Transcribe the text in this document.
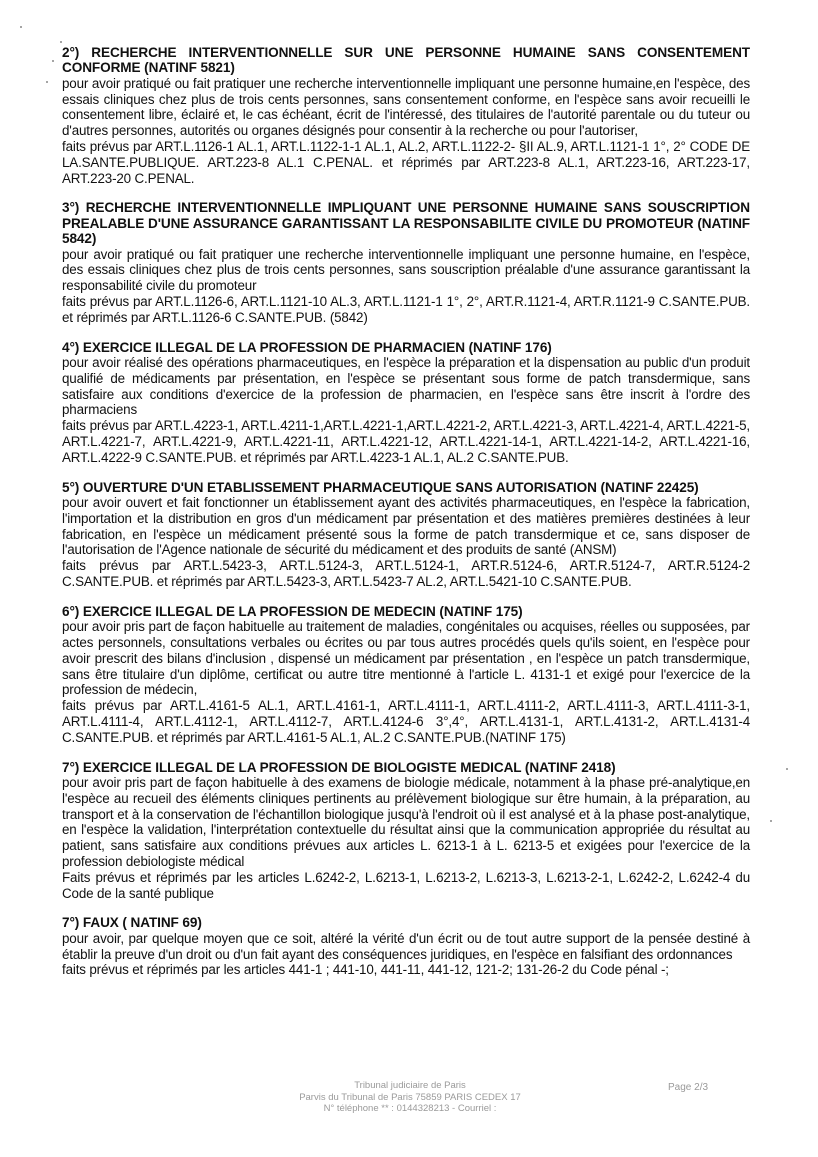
2°) RECHERCHE INTERVENTIONNELLE SUR UNE PERSONNE HUMAINE SANS CONSENTEMENT CONFORME (NATINF 5821)
pour avoir pratiqué ou fait pratiquer une recherche interventionnelle impliquant une personne humaine,en l'espèce, des essais cliniques chez plus de trois cents personnes, sans consentement conforme, en l'espèce sans avoir recueilli le consentement libre, éclairé et, le cas échéant, écrit de l'intéressé, des titulaires de l'autorité parentale ou du tuteur ou d'autres personnes, autorités ou organes désignés pour consentir à la recherche ou pour l'autoriser,
faits prévus par ART.L.1126-1 AL.1, ART.L.1122-1-1 AL.1, AL.2, ART.L.1122-2- §II AL.9, ART.L.1121-1 1°, 2° CODE DE LA.SANTE.PUBLIQUE. ART.223-8 AL.1 C.PENAL. et réprimés par ART.223-8 AL.1, ART.223-16, ART.223-17, ART.223-20 C.PENAL.
3°) RECHERCHE INTERVENTIONNELLE IMPLIQUANT UNE PERSONNE HUMAINE SANS SOUSCRIPTION PREALABLE D'UNE ASSURANCE GARANTISSANT LA RESPONSABILITE CIVILE DU PROMOTEUR (NATINF 5842)
pour avoir pratiqué ou fait pratiquer une recherche interventionnelle impliquant une personne humaine, en l'espèce, des essais cliniques chez plus de trois cents personnes, sans souscription préalable d'une assurance garantissant la responsabilité civile du promoteur
faits prévus par ART.L.1126-6, ART.L.1121-10 AL.3, ART.L.1121-1 1°, 2°, ART.R.1121-4, ART.R.1121-9 C.SANTE.PUB. et réprimés par ART.L.1126-6 C.SANTE.PUB. (5842)
4°) EXERCICE ILLEGAL DE LA PROFESSION DE PHARMACIEN (NATINF 176)
pour avoir réalisé des opérations pharmaceutiques, en l'espèce la préparation et la dispensation au public d'un produit qualifié de médicaments par présentation, en l'espèce se présentant sous forme de patch transdermique, sans satisfaire aux conditions d'exercice de la profession de pharmacien, en l'espèce sans être inscrit à l'ordre des pharmaciens
faits prévus par ART.L.4223-1, ART.L.4211-1,ART.L.4221-1,ART.L.4221-2, ART.L.4221-3, ART.L.4221-4, ART.L.4221-5, ART.L.4221-7, ART.L.4221-9, ART.L.4221-11, ART.L.4221-12, ART.L.4221-14-1, ART.L.4221-14-2, ART.L.4221-16, ART.L.4222-9 C.SANTE.PUB. et réprimés par ART.L.4223-1 AL.1, AL.2 C.SANTE.PUB.
5°) OUVERTURE D'UN ETABLISSEMENT PHARMACEUTIQUE SANS AUTORISATION (NATINF 22425)
pour avoir ouvert et fait fonctionner un établissement ayant des activités pharmaceutiques, en l'espèce la fabrication, l'importation et la distribution en gros d'un médicament par présentation et des matières premières destinées à leur fabrication, en l'espèce un médicament présenté sous la forme de patch transdermique et ce, sans disposer de l'autorisation de l'Agence nationale de sécurité du médicament et des produits de santé (ANSM)
faits prévus par ART.L.5423-3, ART.L.5124-3, ART.L.5124-1, ART.R.5124-6, ART.R.5124-7, ART.R.5124-2 C.SANTE.PUB. et réprimés par ART.L.5423-3, ART.L.5423-7 AL.2, ART.L.5421-10 C.SANTE.PUB.
6°) EXERCICE ILLEGAL DE LA PROFESSION DE MEDECIN (NATINF 175)
pour avoir pris part de façon habituelle au traitement de maladies, congénitales ou acquises, réelles ou supposées, par actes personnels, consultations verbales ou écrites ou par tous autres procédés quels qu'ils soient, en l'espèce pour avoir prescrit des bilans d'inclusion , dispensé un médicament par présentation , en l'espèce un patch transdermique, sans être titulaire d'un diplôme, certificat ou autre titre mentionné à l'article L. 4131-1 et exigé pour l'exercice de la profession de médecin,
faits prévus par ART.L.4161-5 AL.1, ART.L.4161-1, ART.L.4111-1, ART.L.4111-2, ART.L.4111-3, ART.L.4111-3-1, ART.L.4111-4, ART.L.4112-1, ART.L.4112-7, ART.L.4124-6 3°,4°, ART.L.4131-1, ART.L.4131-2, ART.L.4131-4 C.SANTE.PUB. et réprimés par ART.L.4161-5 AL.1, AL.2 C.SANTE.PUB.(NATINF 175)
7°) EXERCICE ILLEGAL DE LA PROFESSION DE BIOLOGISTE MEDICAL (NATINF 2418)
pour avoir pris part de façon habituelle à des examens de biologie médicale, notamment à la phase pré-analytique,en l'espèce au recueil des éléments cliniques pertinents au prélèvement biologique sur être humain, à la préparation, au transport et à la conservation de l'échantillon biologique jusqu'à l'endroit où il est analysé et à la phase post-analytique, en l'espèce la validation, l'interprétation contextuelle du résultat ainsi que la communication appropriée du résultat au patient, sans satisfaire aux conditions prévues aux articles L. 6213-1 à L. 6213-5 et exigées pour l'exercice de la profession debiologiste médical
Faits prévus et réprimés par les articles L.6242-2, L.6213-1, L.6213-2, L.6213-3, L.6213-2-1, L.6242-2, L.6242-4 du Code de la santé publique
7°) FAUX ( NATINF 69)
pour avoir, par quelque moyen que ce soit, altéré la vérité d'un écrit ou de tout autre support de la pensée destiné à établir la preuve d'un droit ou d'un fait ayant des conséquences juridiques, en l'espèce en falsifiant des ordonnances
faits prévus et réprimés par les articles 441-1 ; 441-10, 441-11, 441-12, 121-2; 131-26-2 du Code pénal -;
Tribunal judiciaire de Paris
Parvis du Tribunal de Paris 75859 PARIS CEDEX 17
N° téléphone ** : 0144328213 - Courriel :
Page 2/3
